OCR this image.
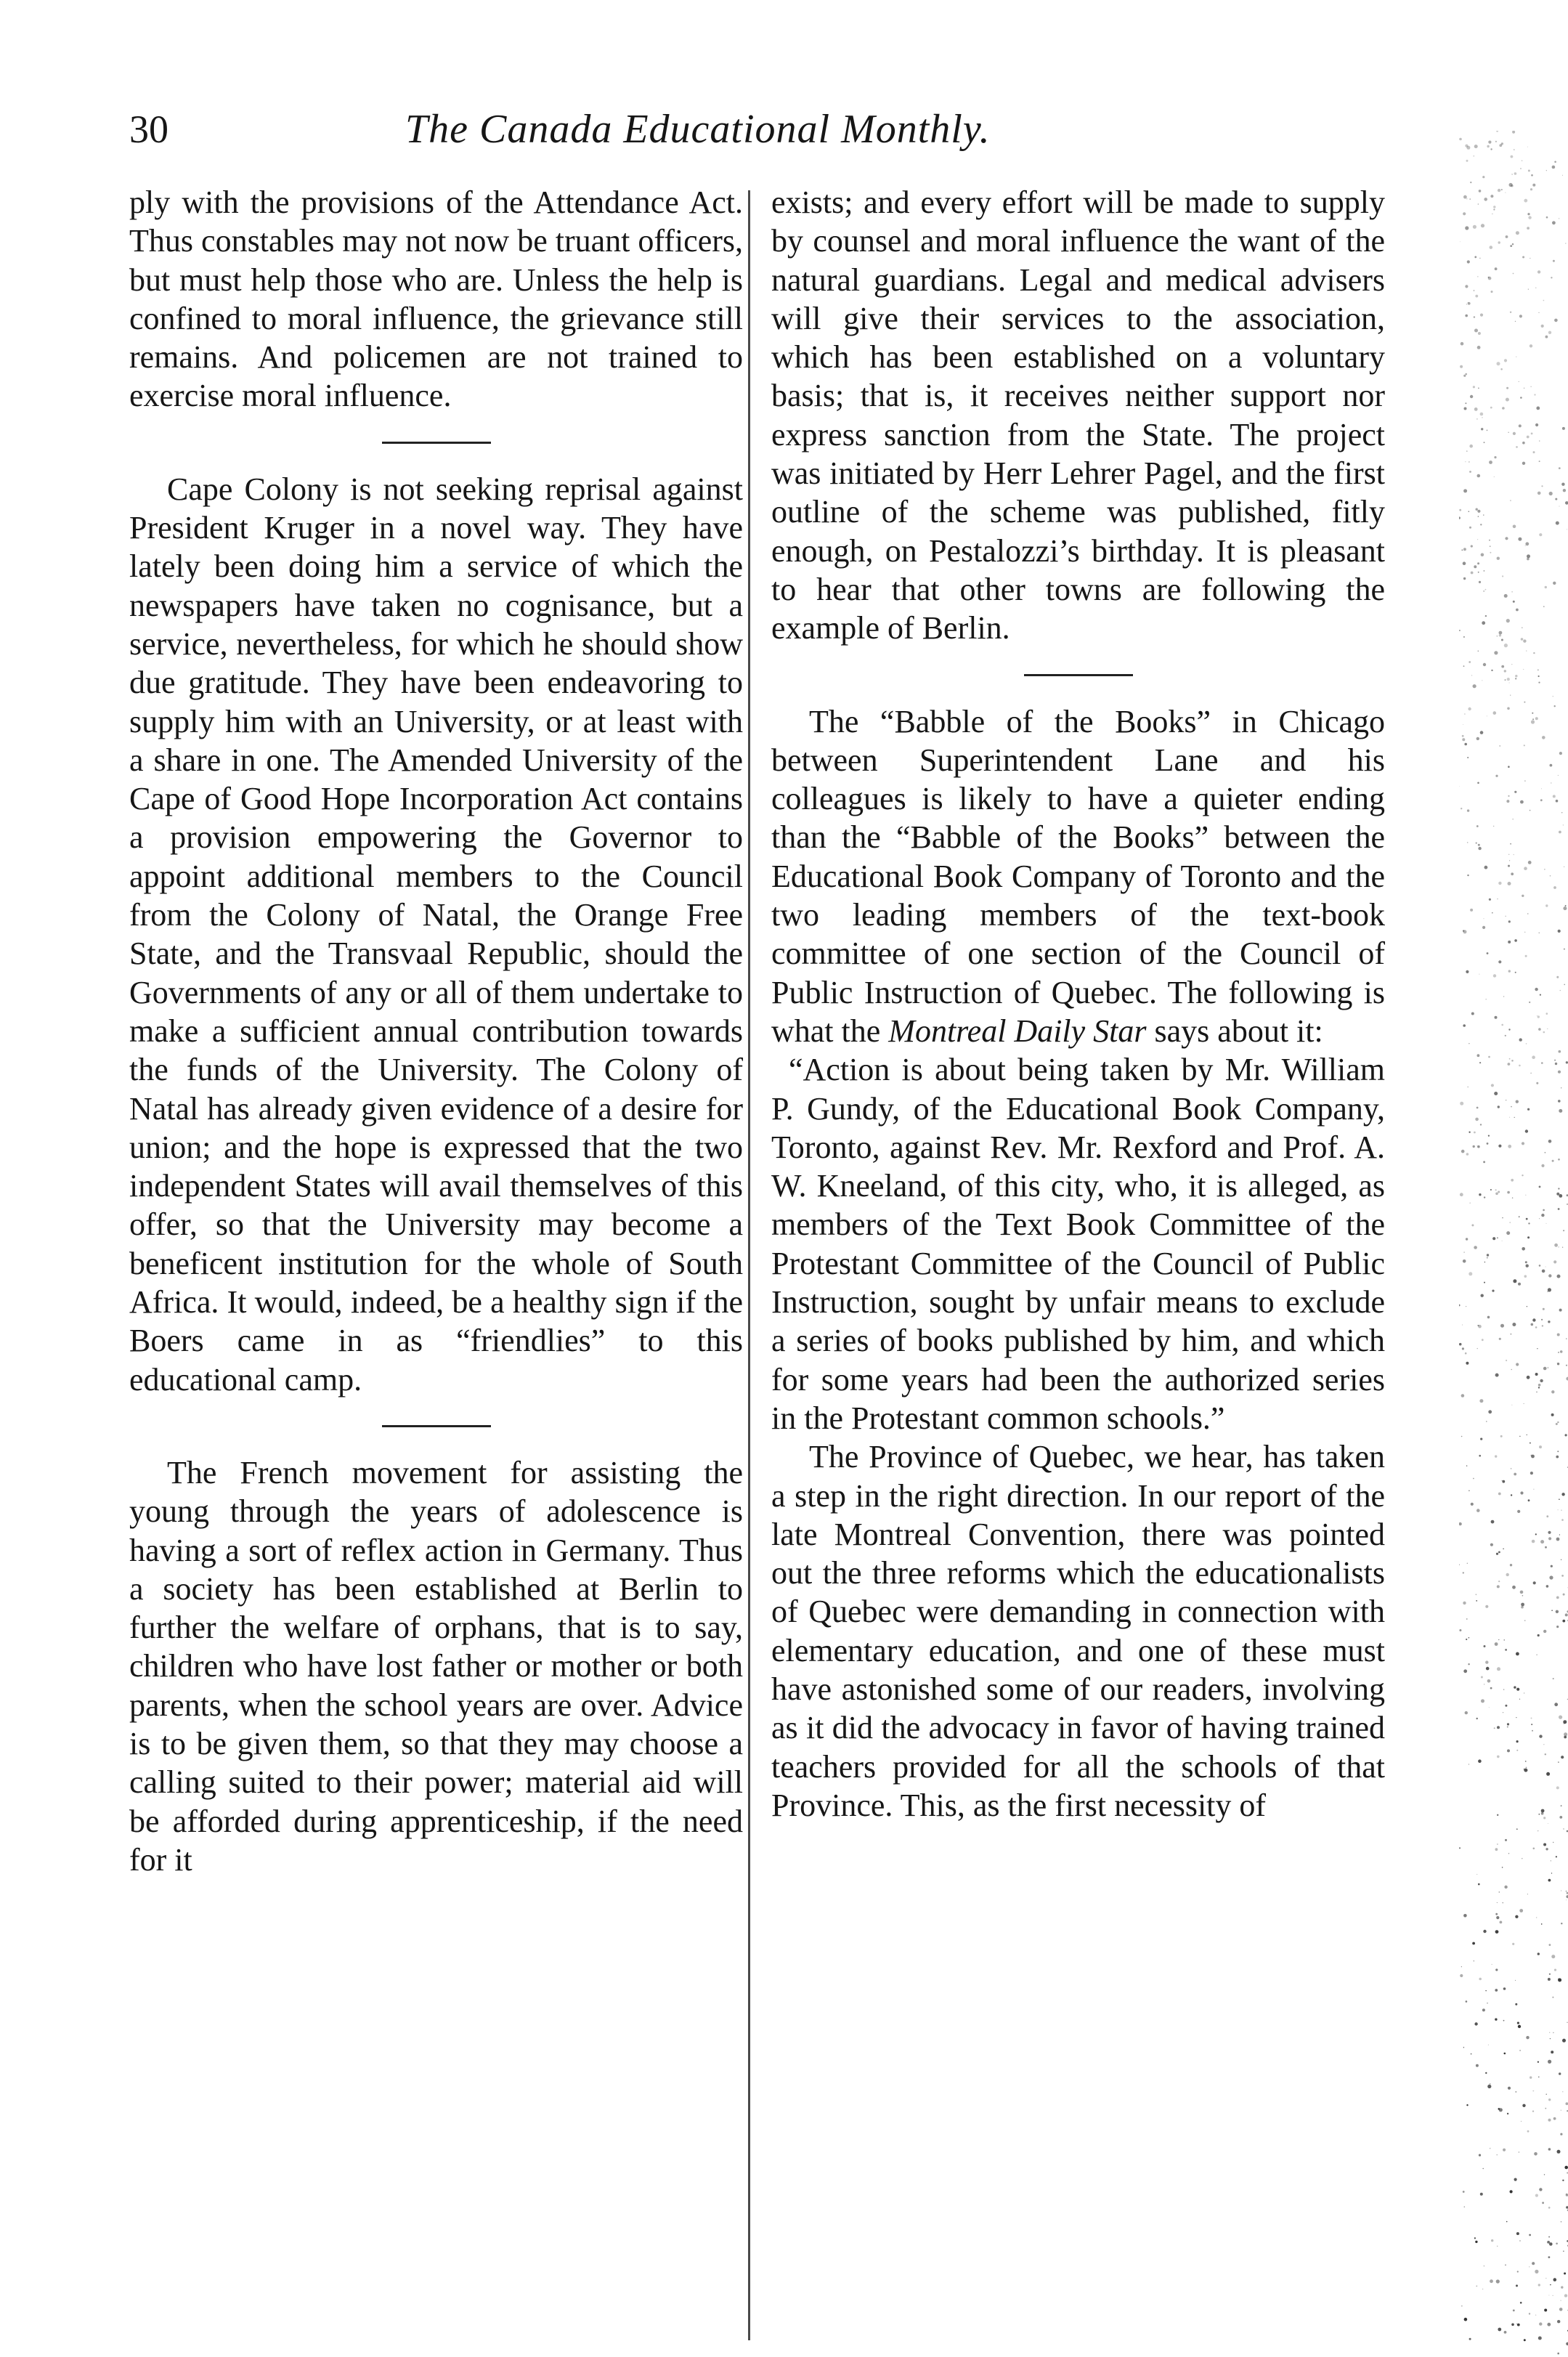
30	The Canada Educational Monthly.

ply with the provisions of the Attendance Act. Thus constables may not now be truant officers, but must help those who are. Unless the help is confined to moral influence, the grievance still remains. And policemen are not trained to exercise moral influence.

Cape Colony is not seeking reprisal against President Kruger in a novel way. They have lately been doing him a service of which the newspapers have taken no cognisance, but a service, nevertheless, for which he should show due gratitude. They have been endeavoring to supply him with an University, or at least with a share in one. The Amended University of the Cape of Good Hope Incorporation Act contains a provision empowering the Governor to appoint additional members to the Council from the Colony of Natal, the Orange Free State, and the Transvaal Republic, should the Governments of any or all of them undertake to make a sufficient annual contribution towards the funds of the University. The Colony of Natal has already given evidence of a desire for union; and the hope is expressed that the two independent States will avail themselves of this offer, so that the University may become a beneficent institution for the whole of South Africa. It would, indeed, be a healthy sign if the Boers came in as “friendlies” to this educational camp.

The French movement for assisting the young through the years of adolescence is having a sort of reflex action in Germany. Thus a society has been established at Berlin to further the welfare of orphans, that is to say, children who have lost father or mother or both parents, when the school years are over. Advice is to be given them, so that they may choose a calling suited to their power; material aid will be afforded during apprenticeship, if the need for it

exists; and every effort will be made to supply by counsel and moral influence the want of the natural guardians. Legal and medical advisers will give their services to the association, which has been established on a voluntary basis; that is, it receives neither support nor express sanction from the State. The project was initiated by Herr Lehrer Pagel, and the first outline of the scheme was published, fitly enough, on Pestalozzi’s birthday. It is pleasant to hear that other towns are following the example of Berlin.

The “Babble of the Books” in Chicago between Superintendent Lane and his colleagues is likely to have a quieter ending than the “Babble of the Books” between the Educational Book Company of Toronto and the two leading members of the text-book committee of one section of the Council of Public Instruction of Quebec. The following is what the Montreal Daily Star says about it:

“Action is about being taken by Mr. William P. Gundy, of the Educational Book Company, Toronto, against Rev. Mr. Rexford and Prof. A. W. Kneeland, of this city, who, it is alleged, as members of the Text Book Committee of the Protestant Committee of the Council of Public Instruction, sought by unfair means to exclude a series of books published by him, and which for some years had been the authorized series in the Protestant common schools.”

The Province of Quebec, we hear, has taken a step in the right direction. In our report of the late Montreal Convention, there was pointed out the three reforms which the educationalists of Quebec were demanding in connection with elementary education, and one of these must have astonished some of our readers, involving as it did the advocacy in favor of having trained teachers provided for all the schools of that Province. This, as the first necessity of
